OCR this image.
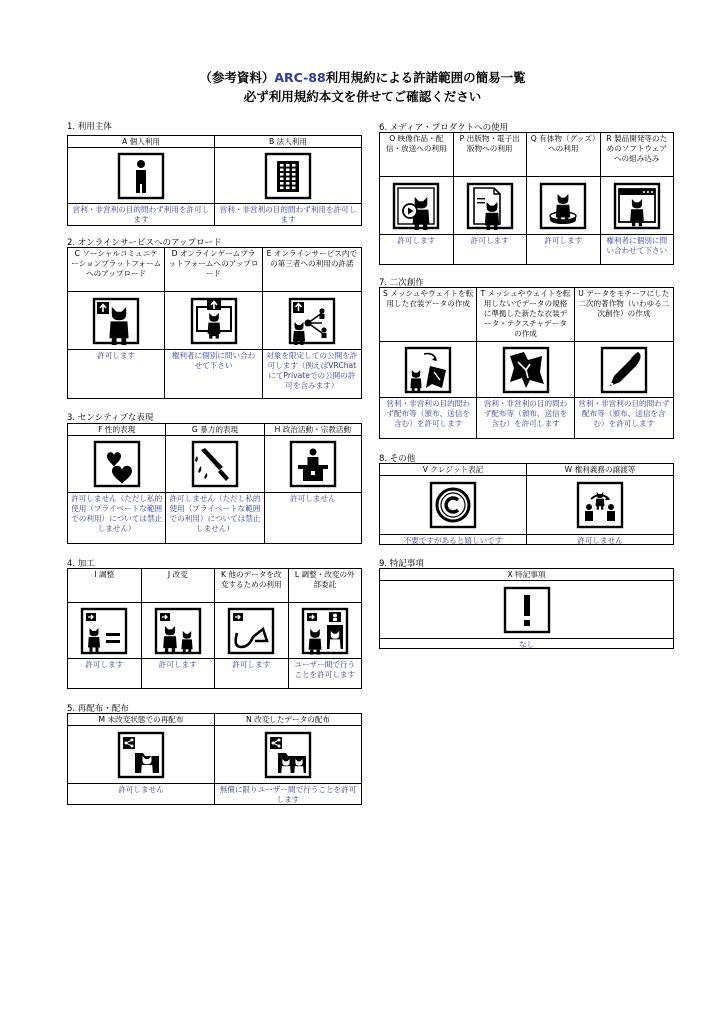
（参考資料）ARC-88利用規約による許諾範囲の簡易一覧
必ず利用規約本文を併せてご確認ください
1. 利用主体
A 個人利用
営利・非営利の目的問わず利用を許可します
B 法人利用
営利・非営利の目的問わず利用を許可します
2. オンラインサービスへのアップロード
C ソーシャルコミュニケーションプラットフォームへのアップロード
許可します
D オンラインゲームプラットフォームへのアップロード
権利者に個別に問い合わせて下さい
E オンラインサービス内での第三者への利用の許諾
対象を限定しての公開を許可します（例えばVRChatにてPrivateでの公開の許可を含みます）
3. センシティブな表現
F 性的表現
許可しません（ただし私的使用（プライベートな範囲での利用）については禁止しません）
G 暴力的表現
許可しません（ただし私的使用（プライベートな範囲での利用）については禁止しません）
H 政治活動・宗教活動
許可しません
4. 加工
I 調整
許可します
J 改変
許可します
K 他のデータを改変するための利用
許可します
L 調整・改変の外部委託
ユーザー間で行うことを許可します
5. 再配布・配布
M 未改変状態での再配布
許可しません
N 改変したデータの配布
無償に限りユーザー間で行うことを許可します
6. メディア・プロダクトへの使用
O 映像作品・配信・放送への利用
許可します
P 出版物・電子出版物への利用
許可します
Q 有体物（グッズ）への利用
許可します
R 製品開発等のためのソフトウェアへの組み込み
権利者に個別に問い合わせて下さい
7. 二次創作
S メッシュやウェイトを転用した衣装データの作成
営利・非営利の目的問わず配布等（頒布、送信を含む）を許可します
T メッシュやウェイトを転用しないでデータの規格に準拠した新たな衣装データ・テクスチャデータの作成
営利・非営利の目的問わず配布等（頒布、送信を含む）を許可します
U データをモチーフにした二次的著作物（いわゆる二次創作）の作成
営利・非営利の目的問わず配布等（頒布、送信を含む）を許可します
8. その他
V クレジット表記
不要ですがあると嬉しいです
W 権利義務の譲渡等
許可しません
9. 特記事項
X 特記事項
なし
